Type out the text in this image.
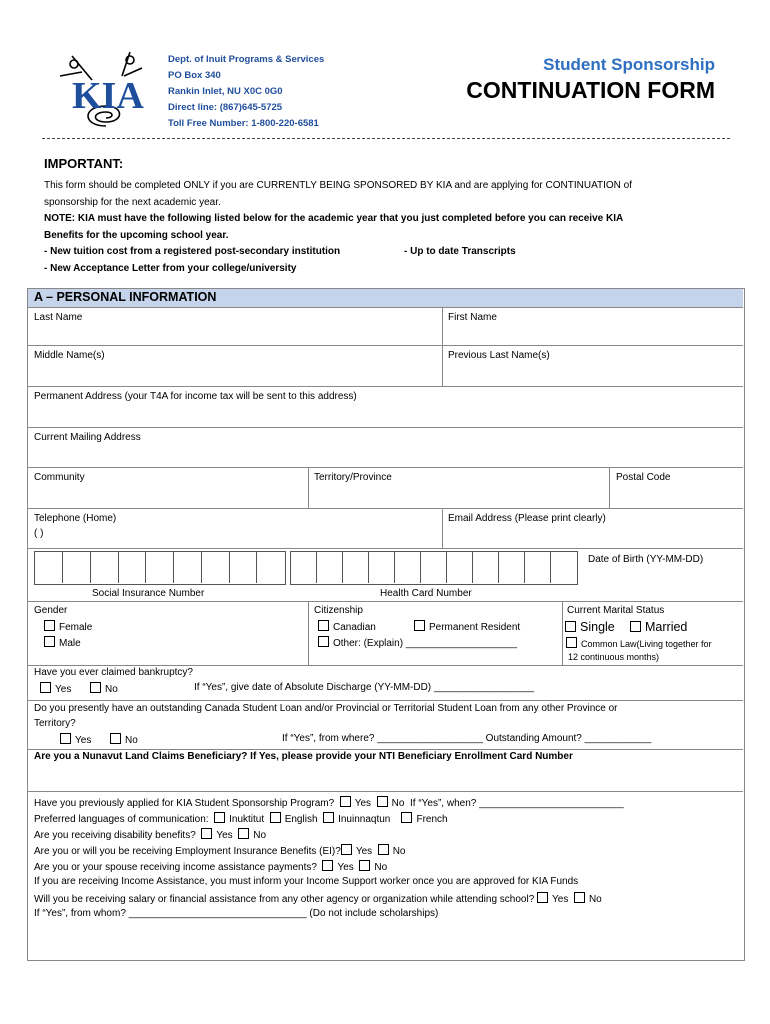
KIA
Dept. of Inuit Programs & Services
PO Box 340
Rankin Inlet, NU X0C 0G0
Direct line: (867)645-5725
Toll Free Number: 1-800-220-6581
Student Sponsorship
CONTINUATION FORM
IMPORTANT:
This form should be completed ONLY if you are CURRENTLY BEING SPONSORED BY KIA and are applying for CONTINUATION of
sponsorship for the next academic year.
NOTE: KIA must have the following listed below for the academic year that you just completed before you can receive KIA
Benefits for the upcoming school year.
- New tuition cost from a registered post-secondary institution	- Up to date Transcripts
- New Acceptance Letter from your college/university
A – PERSONAL INFORMATION
Last Name	First Name
Middle Name(s)	Previous Last Name(s)
Permanent Address (your T4A for income tax will be sent to this address)
Current Mailing Address
Community	Territory/Province	Postal Code
Telephone (Home)
( )
Email Address (Please print clearly)
Date of Birth (YY-MM-DD)
Social Insurance Number	Health Card Number
Gender
Female
Male
Citizenship
Canadian	Permanent Resident
Other: (Explain) ____________________
Current Marital Status
Single	Married
Common Law(Living together for
12 continuous months)
Have you ever claimed bankruptcy?
Yes	No	If “Yes”, give date of Absolute Discharge (YY-MM-DD) __________________
Do you presently have an outstanding Canada Student Loan and/or Provincial or Territorial Student Loan from any other Province or
Territory?
Yes	No	If “Yes”, from where? ___________________ Outstanding Amount? ____________
Are you a Nunavut Land Claims Beneficiary? If Yes, please provide your NTI Beneficiary Enrollment Card Number
Have you previously applied for KIA Student Sponsorship Program? Yes No If “Yes”, when? __________________________
Preferred languages of communication: Inuktitut English Inuinnaqtun	French
Are you receiving disability benefits? Yes No
Are you or will you be receiving Employment Insurance Benefits (EI)? Yes No
Are you or your spouse receiving income assistance payments? Yes No
If you are receiving Income Assistance, you must inform your Income Support worker once you are approved for KIA Funds
Will you be receiving salary or financial assistance from any other agency or organization while attending school? Yes No
If “Yes”, from whom? ________________________________ (Do not include scholarships)
